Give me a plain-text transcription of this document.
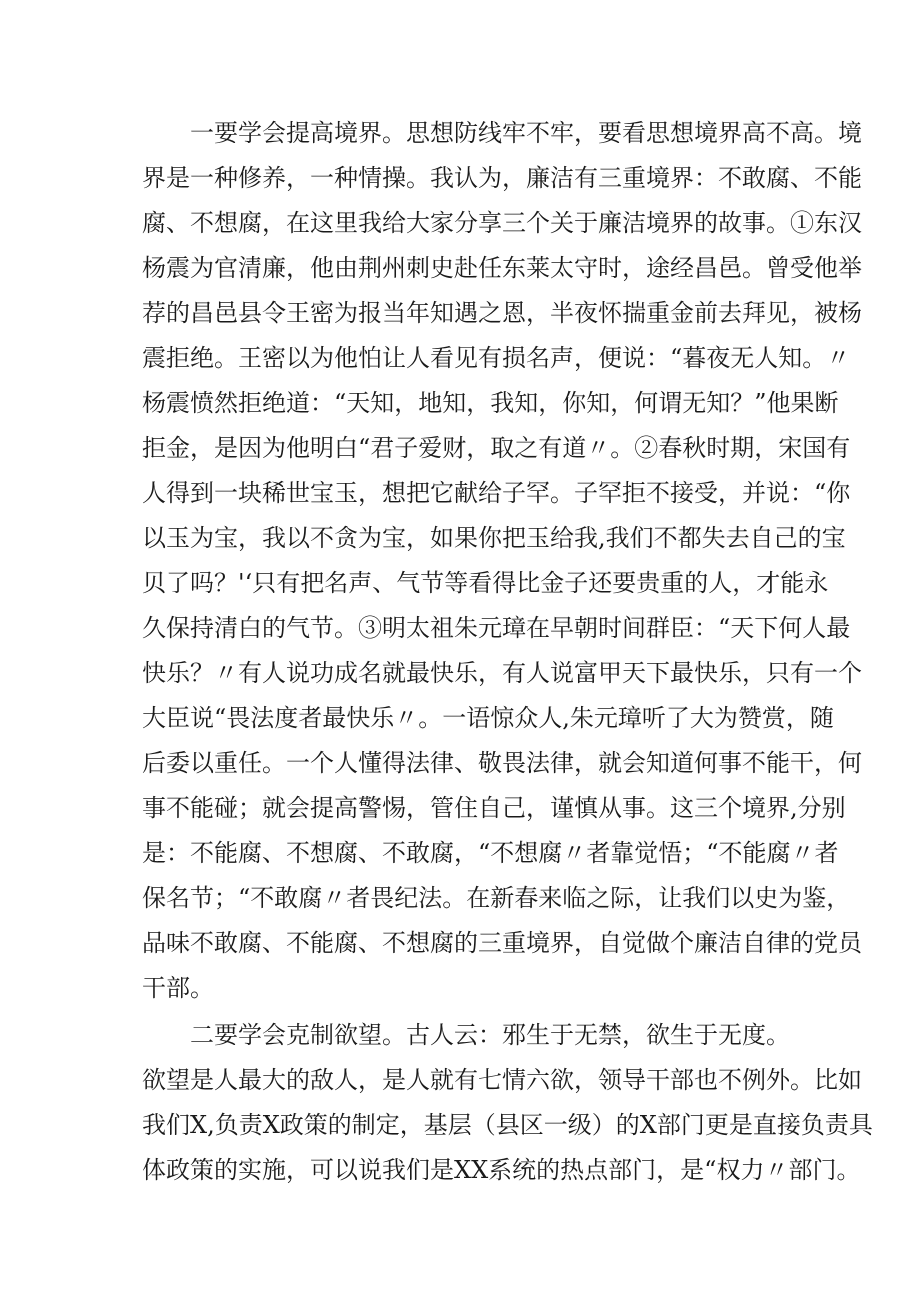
一要学会提高境界。思想防线牢不牢，要看思想境界高不高。境
界是一种修养，一种情操。我认为，廉洁有三重境界：不敢腐、不能
腐、不想腐，在这里我给大家分享三个关于廉洁境界的故事。①东汉
杨震为官清廉，他由荆州刺史赴任东莱太守时，途经昌邑。曾受他举
荐的昌邑县令王密为报当年知遇之恩，半夜怀揣重金前去拜见，被杨
震拒绝。王密以为他怕让人看见有损名声，便说：“暮夜无人知。〃
杨震愤然拒绝道：“天知，地知，我知，你知，何谓无知？”他果断
拒金，是因为他明白“君子爱财，取之有道〃。②春秋时期，宋国有
人得到一块稀世宝玉，想把它献给子罕。子罕拒不接受，并说：“你
以玉为宝，我以不贪为宝，如果你把玉给我,我们不都失去自己的宝
贝了吗？'‘只有把名声、气节等看得比金子还要贵重的人，才能永
久保持清白的气节。③明太祖朱元璋在早朝时间群臣：“天下何人最
快乐？〃有人说功成名就最快乐，有人说富甲天下最快乐，只有一个
大臣说“畏法度者最快乐〃。一语惊众人,朱元璋听了大为赞赏，随
后委以重任。一个人懂得法律、敬畏法律，就会知道何事不能干，何
事不能碰；就会提高警惕，管住自己，谨慎从事。这三个境界,分别
是：不能腐、不想腐、不敢腐，“不想腐〃者靠觉悟；“不能腐〃者
保名节；“不敢腐〃者畏纪法。在新春来临之际，让我们以史为鉴，
品味不敢腐、不能腐、不想腐的三重境界，自觉做个廉洁自律的党员
干部。
二要学会克制欲望。古人云：邪生于无禁，欲生于无度。
欲望是人最大的敌人，是人就有七情六欲，领导干部也不例外。比如
我们X,负责X政策的制定，基层（县区一级）的X部门更是直接负责具
体政策的实施，可以说我们是XX系统的热点部门，是“权力〃部门。
